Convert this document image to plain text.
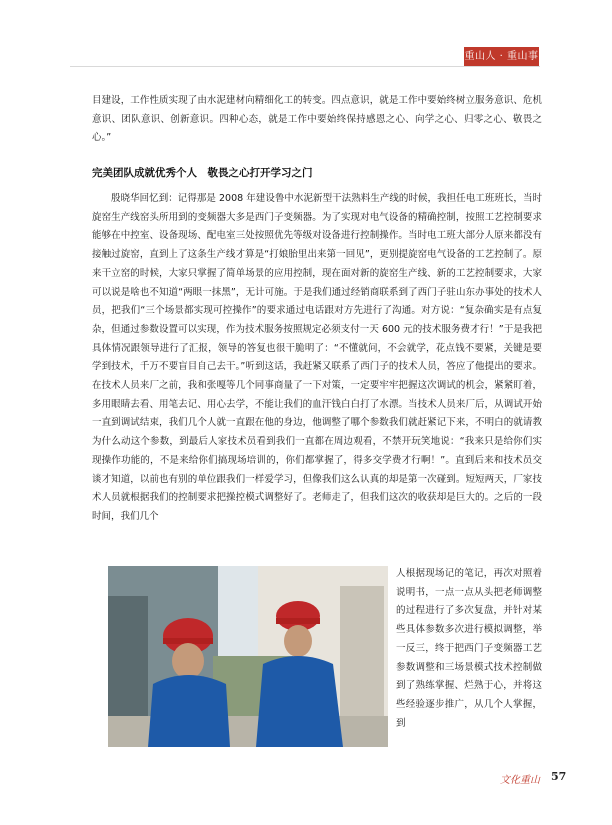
重山人 · 重山事

目建设，工作性质实现了由水泥建材向精细化工的转变。四点意识，就是工作中要始终树立服务意识、危机意识、团队意识、创新意识。四种心态，就是工作中要始终保持感恩之心、向学之心、归零之心、敬畏之心。”

完美团队成就优秀个人　敬畏之心打开学习之门

殷晓华回忆到：记得那是 2008 年建设鲁中水泥新型干法熟料生产线的时候，我担任电工班班长，当时旋窑生产线窑头所用到的变频器大多是西门子变频器。为了实现对电气设备的精确控制，按照工艺控制要求能够在中控室、设备现场、配电室三处按照优先等级对设备进行控制操作。当时电工班大部分人原来都没有接触过旋窑，直到上了这条生产线才算是“打娘胎里出来第一回见”，更别提旋窑电气设备的工艺控制了。原来干立窑的时候，大家只掌握了简单场景的应用控制，现在面对新的旋窑生产线、新的工艺控制要求，大家可以说是啥也不知道“两眼一抹黑”，无计可施。于是我们通过经销商联系到了西门子驻山东办事处的技术人员，把我们“三个场景都实现可控操作”的要求通过电话跟对方先进行了沟通。对方说：“复杂确实是有点复杂，但通过参数设置可以实现，作为技术服务按照规定必须支付一天 600 元的技术服务费才行！”于是我把具体情况跟领导进行了汇报，领导的答复也很干脆明了：“不懂就问，不会就学，花点钱不要紧，关键是要学到技术，千万不要盲目自己去干。”听到这话，我赶紧又联系了西门子的技术人员，答应了他提出的要求。在技术人员来厂之前，我和张嘎等几个同事商量了一下对策，一定要牢牢把握这次调试的机会，紧紧盯着，多用眼睛去看、用笔去记、用心去学，不能让我们的血汗钱白白打了水漂。当技术人员来厂后，从调试开始一直到调试结束，我们几个人就一直跟在他的身边，他调整了哪个参数我们就赶紧记下来，不明白的就请教为什么动这个参数，到最后人家技术员看到我们一直都在周边观看，不禁开玩笑地说：“我来只是给你们实现操作功能的，不是来给你们搞现场培训的，你们都掌握了，得多交学费才行啊！”。直到后来和技术员交谈才知道，以前也有别的单位跟我们一样爱学习，但像我们这么认真的却是第一次碰到。短短两天，厂家技术人员就根据我们的控制要求把操控模式调整好了。老师走了，但我们这次的收获却是巨大的。之后的一段时间，我们几个

人根据现场记的笔记，再次对照着说明书，一点一点从头把老师调整的过程进行了多次复盘，并针对某些具体参数多次进行模拟调整，举一反三，终于把西门子变频器工艺参数调整和三场景模式技术控制做到了熟练掌握、烂熟于心，并将这些经验逐步推广，从几个人掌握，到

文化重山 57
